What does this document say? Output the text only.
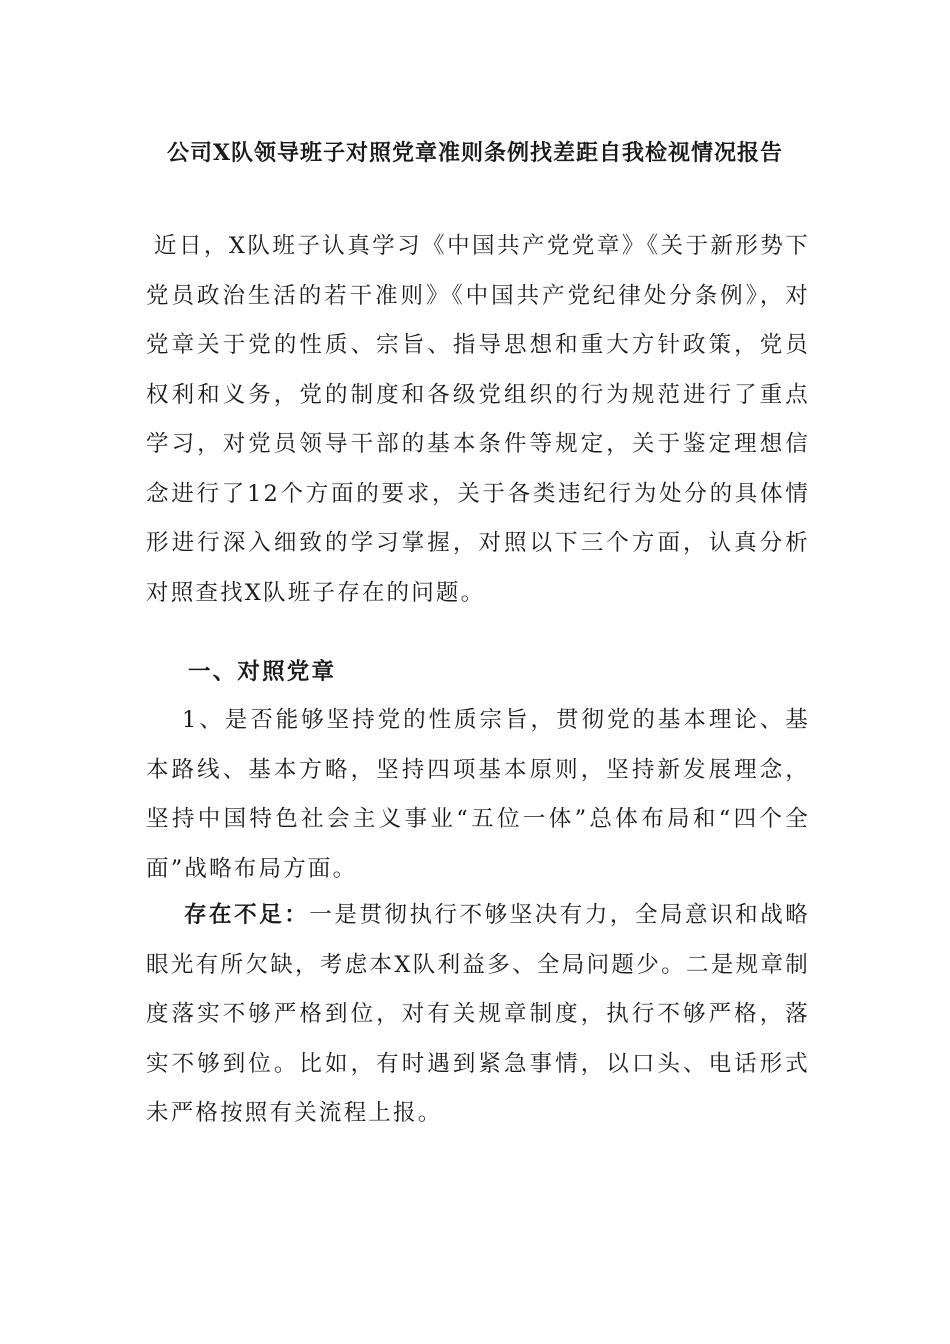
公司X队领导班子对照党章准则条例找差距自我检视情况报告

近日，X队班子认真学习《中国共产党党章》《关于新形势下党员政治生活的若干准则》《中国共产党纪律处分条例》，对党章关于党的性质、宗旨、指导思想和重大方针政策，党员权利和义务，党的制度和各级党组织的行为规范进行了重点学习，对党员领导干部的基本条件等规定，关于鉴定理想信念进行了12个方面的要求，关于各类违纪行为处分的具体情形进行深入细致的学习掌握，对照以下三个方面，认真分析对照查找X队班子存在的问题。

一、对照党章

1、是否能够坚持党的性质宗旨，贯彻党的基本理论、基本路线、基本方略，坚持四项基本原则，坚持新发展理念，坚持中国特色社会主义事业“五位一体”总体布局和“四个全面”战略布局方面。

存在不足：一是贯彻执行不够坚决有力，全局意识和战略眼光有所欠缺，考虑本X队利益多、全局问题少。二是规章制度落实不够严格到位，对有关规章制度，执行不够严格，落实不够到位。比如，有时遇到紧急事情，以口头、电话形式未严格按照有关流程上报。
